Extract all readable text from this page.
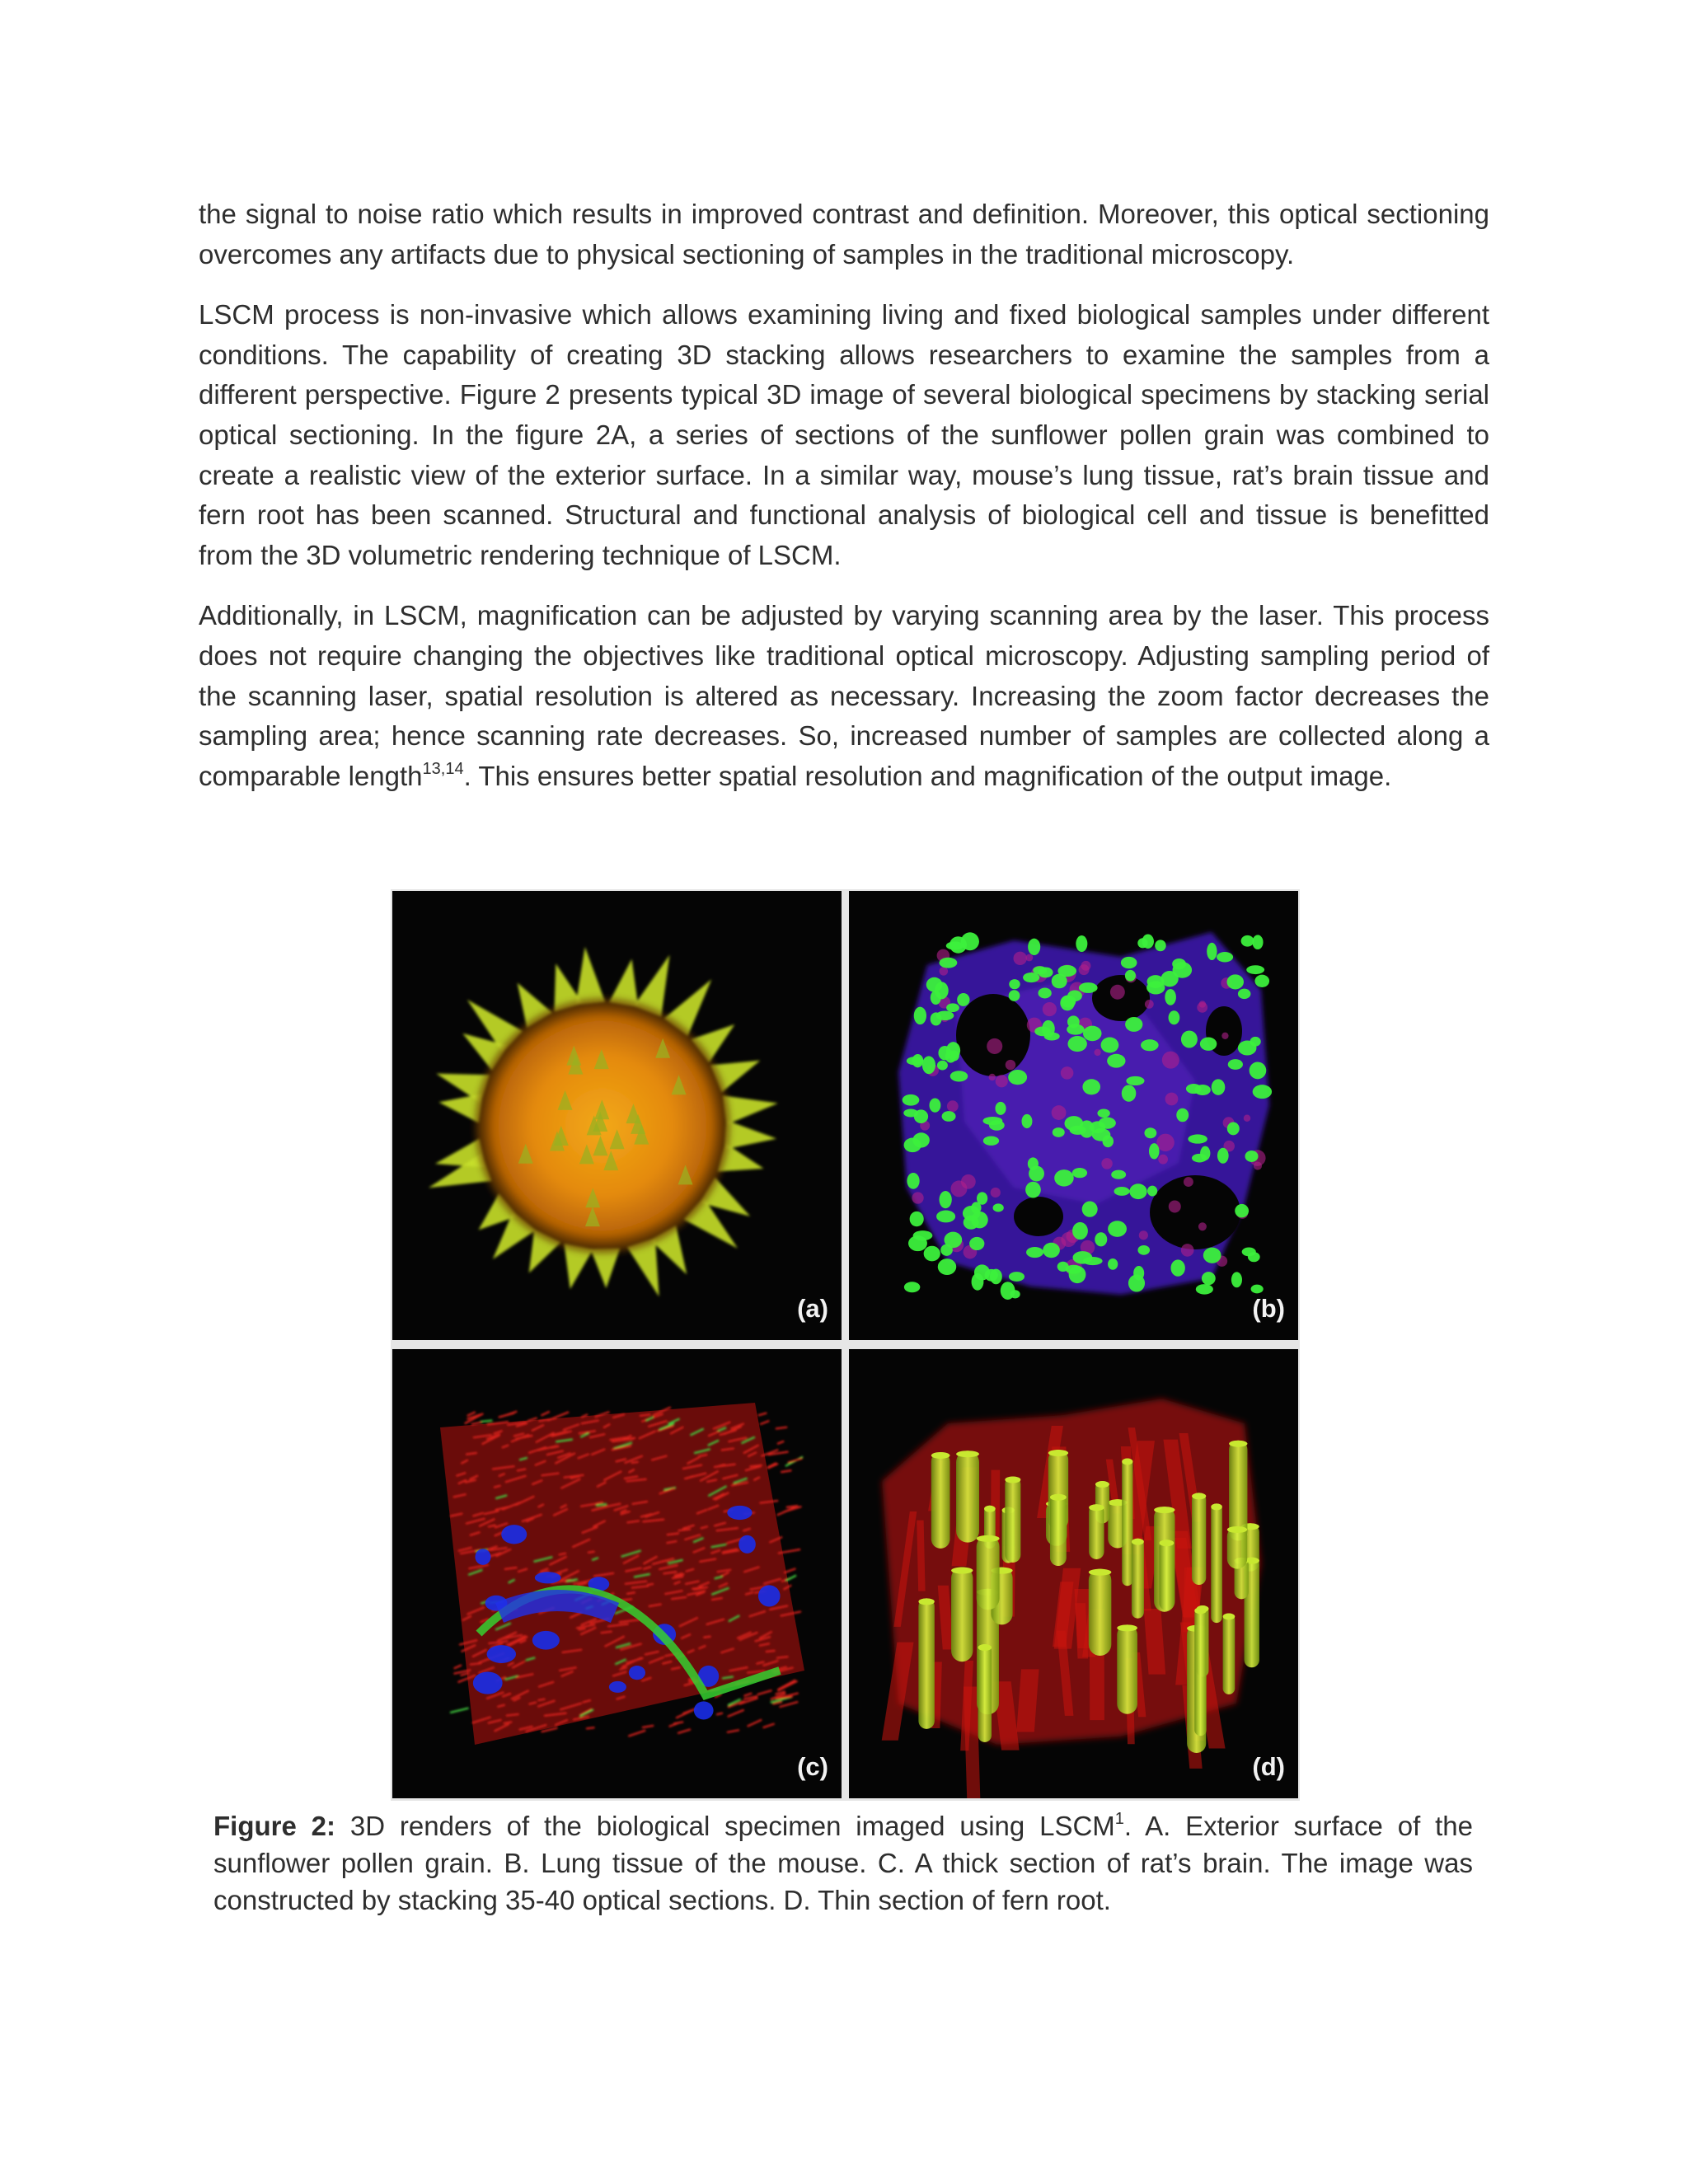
the signal to noise ratio which results in improved contrast and definition. Moreover, this optical sectioning overcomes any artifacts due to physical sectioning of samples in the traditional microscopy.

LSCM process is non-invasive which allows examining living and fixed biological samples under different conditions. The capability of creating 3D stacking allows researchers to examine the samples from a different perspective. Figure 2 presents typical 3D image of several biological specimens by stacking serial optical sectioning. In the figure 2A, a series of sections of the sunflower pollen grain was combined to create a realistic view of the exterior surface. In a similar way, mouse’s lung tissue, rat’s brain tissue and fern root has been scanned. Structural and functional analysis of biological cell and tissue is benefitted from the 3D volumetric rendering technique of LSCM.

Additionally, in LSCM, magnification can be adjusted by varying scanning area by the laser. This process does not require changing the objectives like traditional optical microscopy. Adjusting sampling period of the scanning laser, spatial resolution is altered as necessary. Increasing the zoom factor decreases the sampling area; hence scanning rate decreases. So, increased number of samples are collected along a comparable length$^{13,14}$. This ensures better spatial resolution and magnification of the output image.

(a)	(b)
(c)	(d)

Figure 2: 3D renders of the biological specimen imaged using LSCM$^1$. A. Exterior surface of the sunflower pollen grain. B. Lung tissue of the mouse. C. A thick section of rat’s brain. The image was constructed by stacking 35-40 optical sections. D. Thin section of fern root.
